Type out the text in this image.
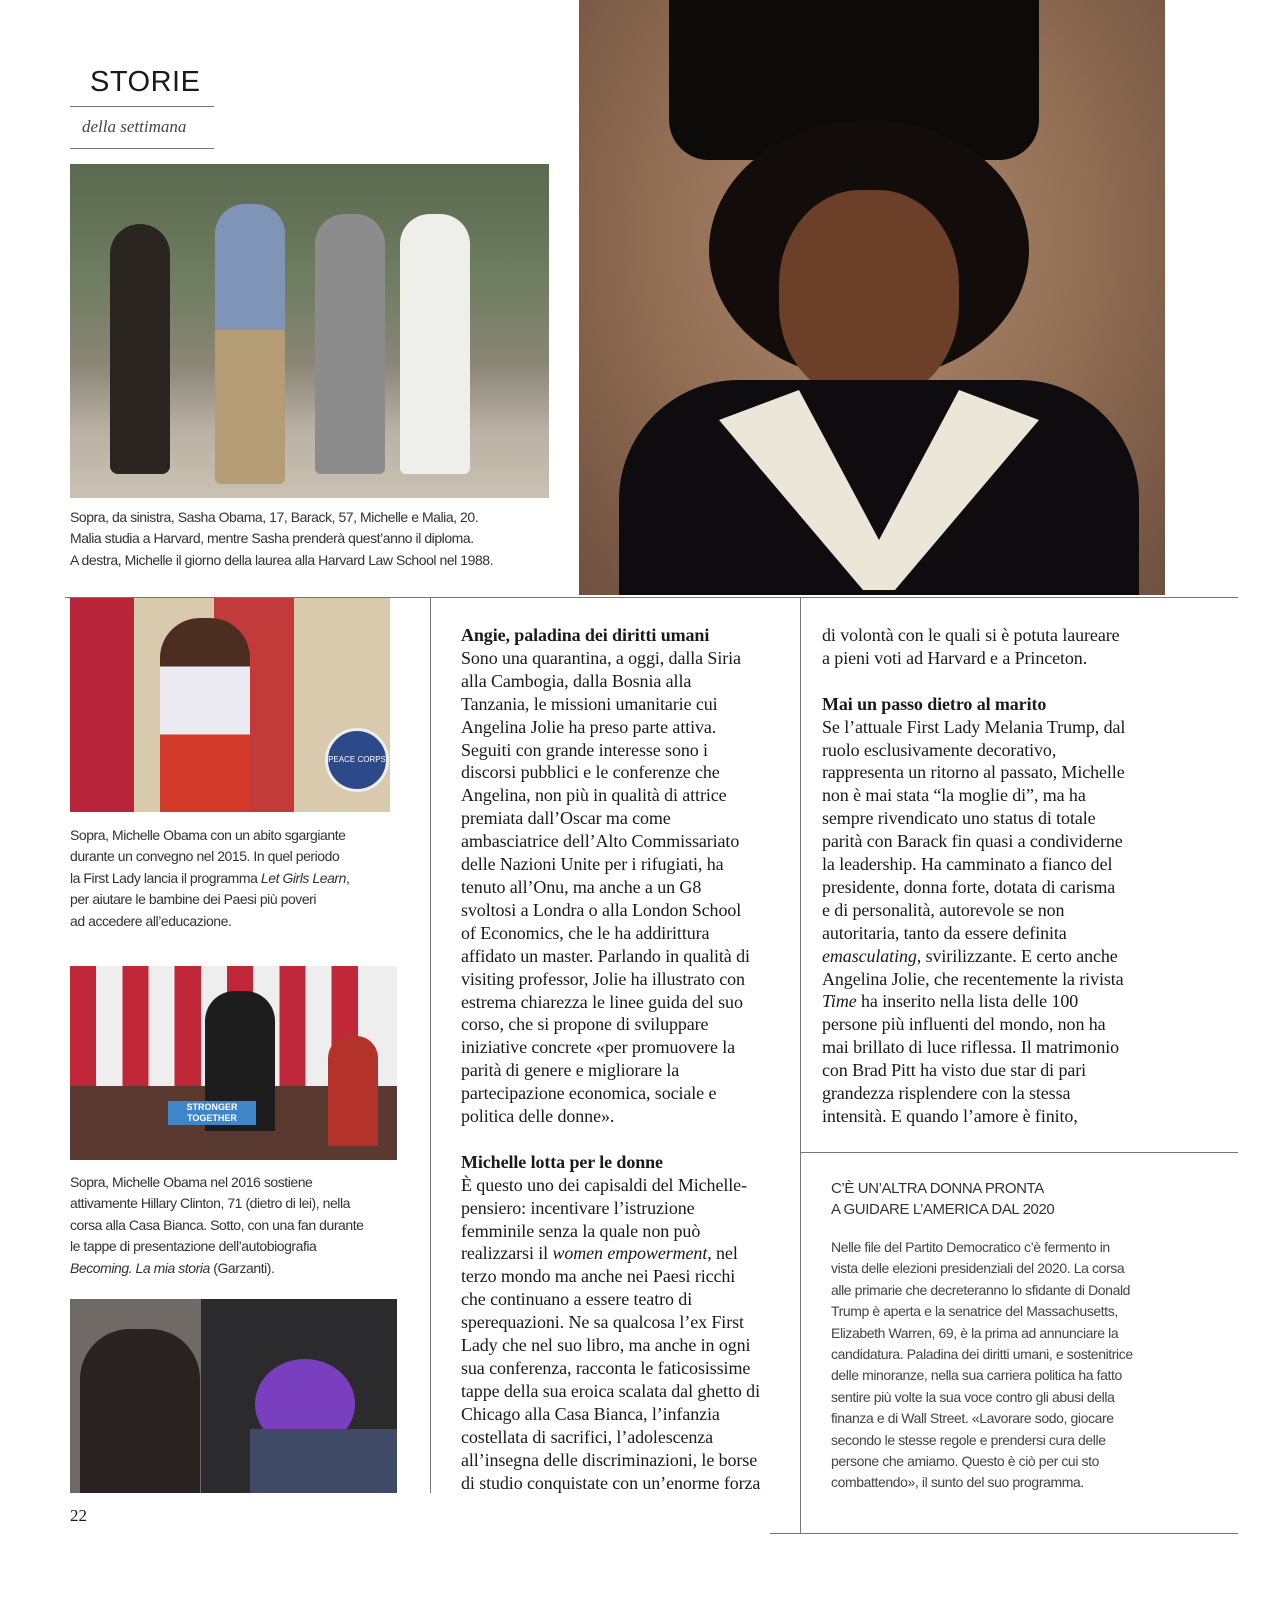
STORIE
della settimana
Sopra, da sinistra, Sasha Obama, 17, Barack, 57, Michelle e Malia, 20.
Malia studia a Harvard, mentre Sasha prenderà quest’anno il diploma.
A destra, Michelle il giorno della laurea alla Harvard Law School nel 1988.
PEACE CORPS
Sopra, Michelle Obama con un abito sgargiante
durante un convegno nel 2015. In quel periodo
la First Lady lancia il programma Let Girls Learn,
per aiutare le bambine dei Paesi più poveri
ad accedere all’educazione.
STRONGER TOGETHER
Sopra, Michelle Obama nel 2016 sostiene
attivamente Hillary Clinton, 71 (dietro di lei), nella
corsa alla Casa Bianca. Sotto, con una fan durante
le tappe di presentazione dell’autobiografia
Becoming. La mia storia (Garzanti).
22
Angie, paladina dei diritti umani
Sono una quarantina, a oggi, dalla Siria
alla Cambogia, dalla Bosnia alla
Tanzania, le missioni umanitarie cui
Angelina Jolie ha preso parte attiva.
Seguiti con grande interesse sono i
discorsi pubblici e le conferenze che
Angelina, non più in qualità di attrice
premiata dall’Oscar ma come
ambasciatrice dell’Alto Commissariato
delle Nazioni Unite per i rifugiati, ha
tenuto all’Onu, ma anche a un G8
svoltosi a Londra o alla London School
of Economics, che le ha addirittura
affidato un master. Parlando in qualità di
visiting professor, Jolie ha illustrato con
estrema chiarezza le linee guida del suo
corso, che si propone di sviluppare
iniziative concrete «per promuovere la
parità di genere e migliorare la
partecipazione economica, sociale e
politica delle donne».
Michelle lotta per le donne
È questo uno dei capisaldi del Michelle-
pensiero: incentivare l’istruzione
femminile senza la quale non può
realizzarsi il women empowerment, nel
terzo mondo ma anche nei Paesi ricchi
che continuano a essere teatro di
sperequazioni. Ne sa qualcosa l’ex First
Lady che nel suo libro, ma anche in ogni
sua conferenza, racconta le faticosissime
tappe della sua eroica scalata dal ghetto di
Chicago alla Casa Bianca, l’infanzia
costellata di sacrifici, l’adolescenza
all’insegna delle discriminazioni, le borse
di studio conquistate con un’enorme forza
di volontà con le quali si è potuta laureare
a pieni voti ad Harvard e a Princeton.
Mai un passo dietro al marito
Se l’attuale First Lady Melania Trump, dal
ruolo esclusivamente decorativo,
rappresenta un ritorno al passato, Michelle
non è mai stata “la moglie di”, ma ha
sempre rivendicato uno status di totale
parità con Barack fin quasi a condividerne
la leadership. Ha camminato a fianco del
presidente, donna forte, dotata di carisma
e di personalità, autorevole se non
autoritaria, tanto da essere definita
emasculating, svirilizzante. E certo anche
Angelina Jolie, che recentemente la rivista
Time ha inserito nella lista delle 100
persone più influenti del mondo, non ha
mai brillato di luce riflessa. Il matrimonio
con Brad Pitt ha visto due star di pari
grandezza risplendere con la stessa
intensità. E quando l’amore è finito,
C’È UN’ALTRA DONNA PRONTA
A GUIDARE L’AMERICA DAL 2020
Nelle file del Partito Democratico c’è fermento in
vista delle elezioni presidenziali del 2020. La corsa
alle primarie che decreteranno lo sfidante di Donald
Trump è aperta e la senatrice del Massachusetts,
Elizabeth Warren, 69, è la prima ad annunciare la
candidatura. Paladina dei diritti umani, e sostenitrice
delle minoranze, nella sua carriera politica ha fatto
sentire più volte la sua voce contro gli abusi della
finanza e di Wall Street. «Lavorare sodo, giocare
secondo le stesse regole e prendersi cura delle
persone che amiamo. Questo è ciò per cui sto
combattendo», il sunto del suo programma.
